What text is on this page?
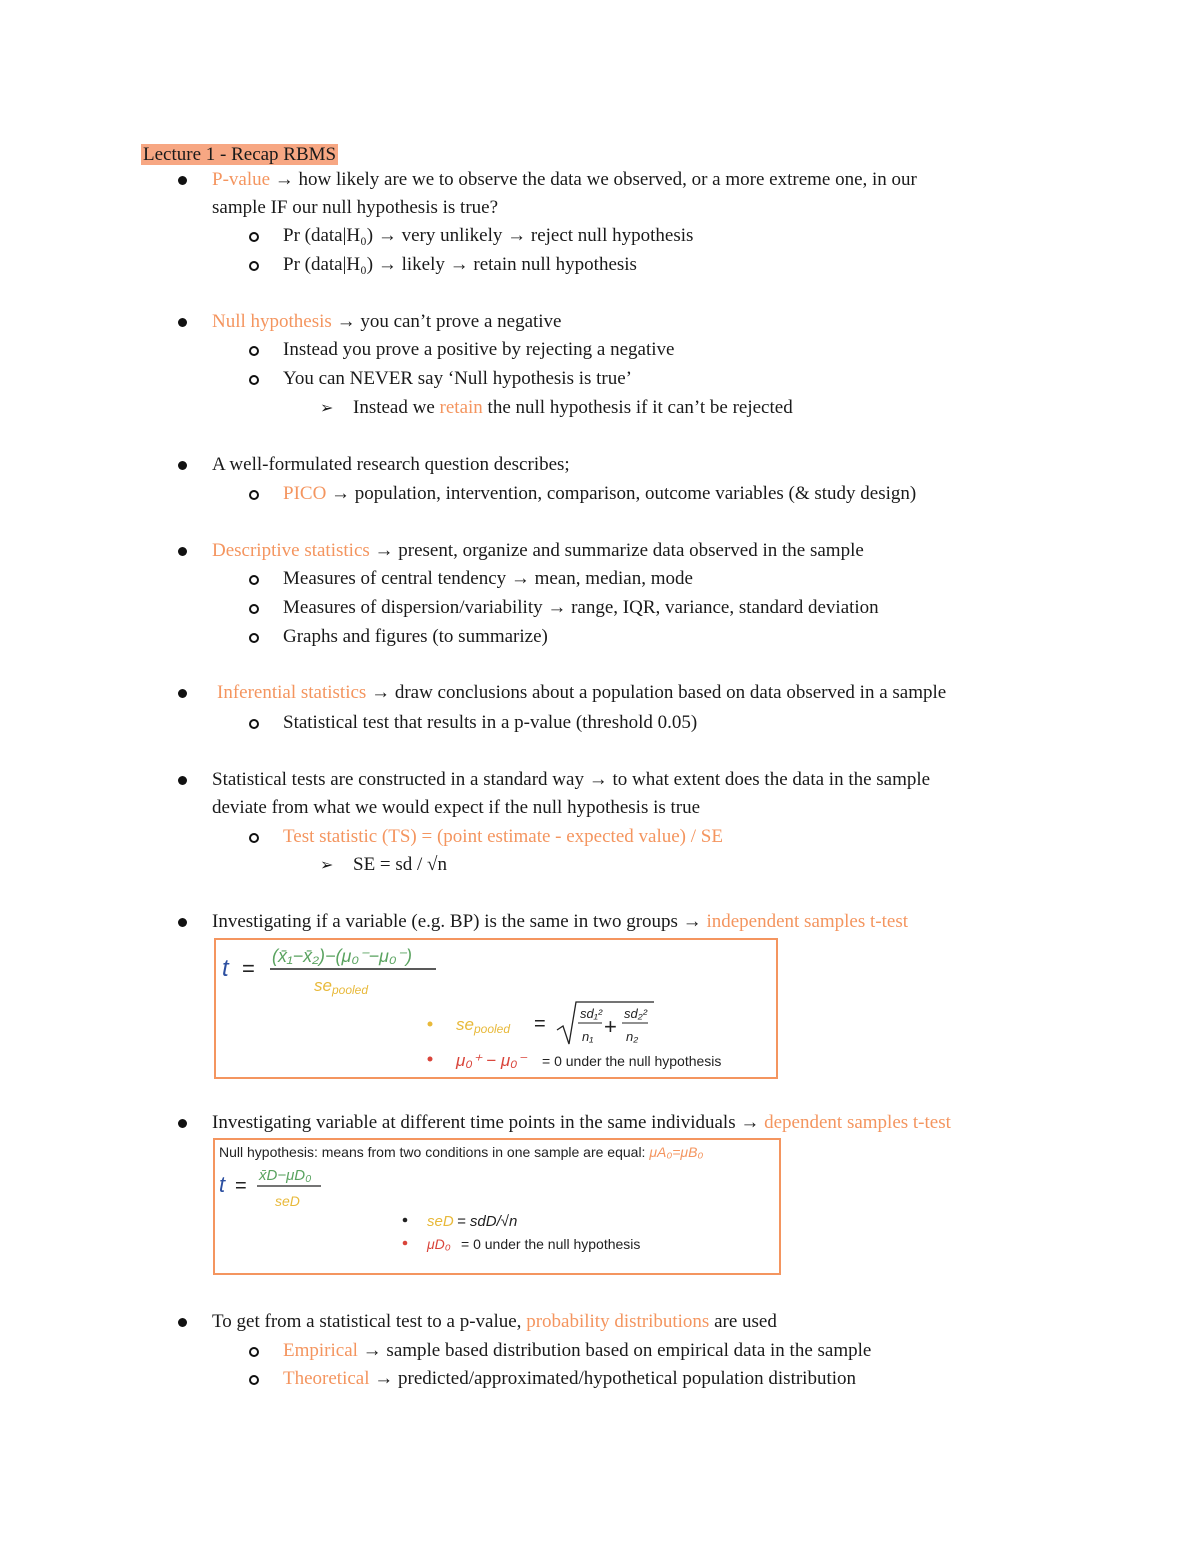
Lecture 1 - Recap RBMS
P-value → how likely are we to observe the data we observed, or a more extreme one, in our
sample IF our null hypothesis is true?
Pr (data|H₀) → very unlikely → reject null hypothesis
Pr (data|H₀) → likely → retain null hypothesis
Null hypothesis → you can’t prove a negative
Instead you prove a positive by rejecting a negative
You can NEVER say ‘Null hypothesis is true’
➢ Instead we retain the null hypothesis if it can’t be rejected
A well-formulated research question describes;
PICO → population, intervention, comparison, outcome variables (& study design)
Descriptive statistics → present, organize and summarize data observed in the sample
Measures of central tendency → mean, median, mode
Measures of dispersion/variability → range, IQR, variance, standard deviation
Graphs and figures (to summarize)
Inferential statistics → draw conclusions about a population based on data observed in a sample
Statistical test that results in a p-value (threshold 0.05)
Statistical tests are constructed in a standard way → to what extent does the data in the sample
deviate from what we would expect if the null hypothesis is true
Test statistic (TS) = (point estimate - expected value) / SE
➢ SE = sd / √n
Investigating if a variable (e.g. BP) is the same in two groups → independent samples t-test
t = (x̄₁−x̄₂)−(μ₀⁻−μ₀⁻)
sepooled
sepooled =	sd₁²
n₁ +
sd₂²
n₂
μ₀⁺ − μ₀⁻ = 0 under the null hypothesis
Investigating variable at different time points in the same individuals → dependent samples t-test
Null hypothesis: means from two conditions in one sample are equal: μA₀=μB₀
t = x̄D−μD₀
seD
seD = sdD/√n
μD₀ = 0 under the null hypothesis
To get from a statistical test to a p-value, probability distributions are used
Empirical → sample based distribution based on empirical data in the sample
Theoretical → predicted/approximated/hypothetical population distribution
